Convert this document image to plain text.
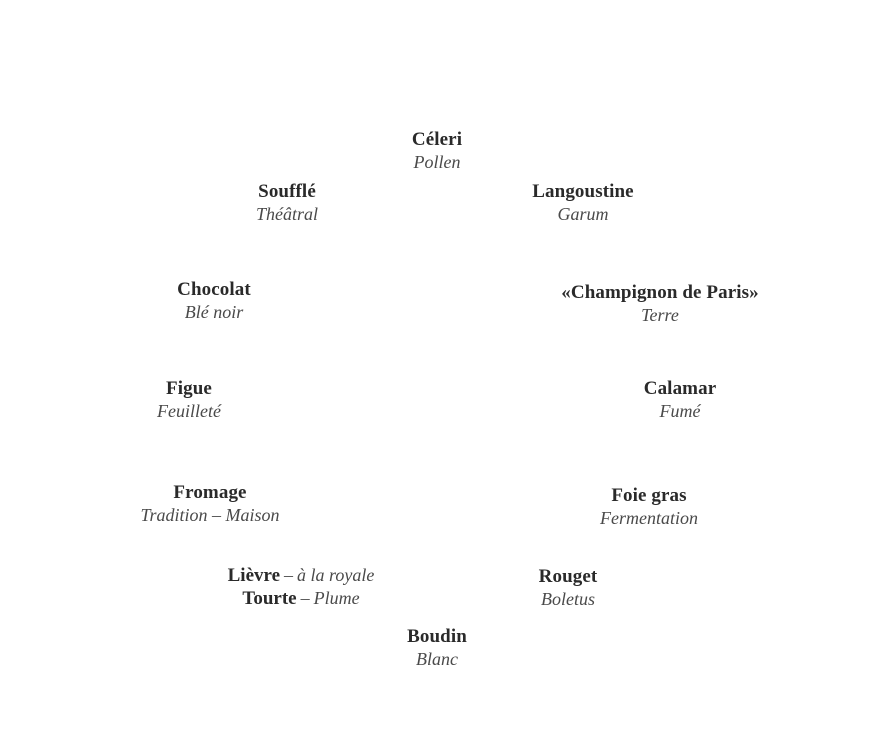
Céleri
Pollen
Soufflé
Théâtral
Langoustine
Garum
Chocolat
Blé noir
«Champignon de Paris»
Terre
Figue
Feuilleté
Calamar
Fumé
Fromage
Tradition – Maison
Foie gras
Fermentation
Lièvre – à la royale
Tourte – Plume
Rouget
Boletus
Boudin
Blanc
